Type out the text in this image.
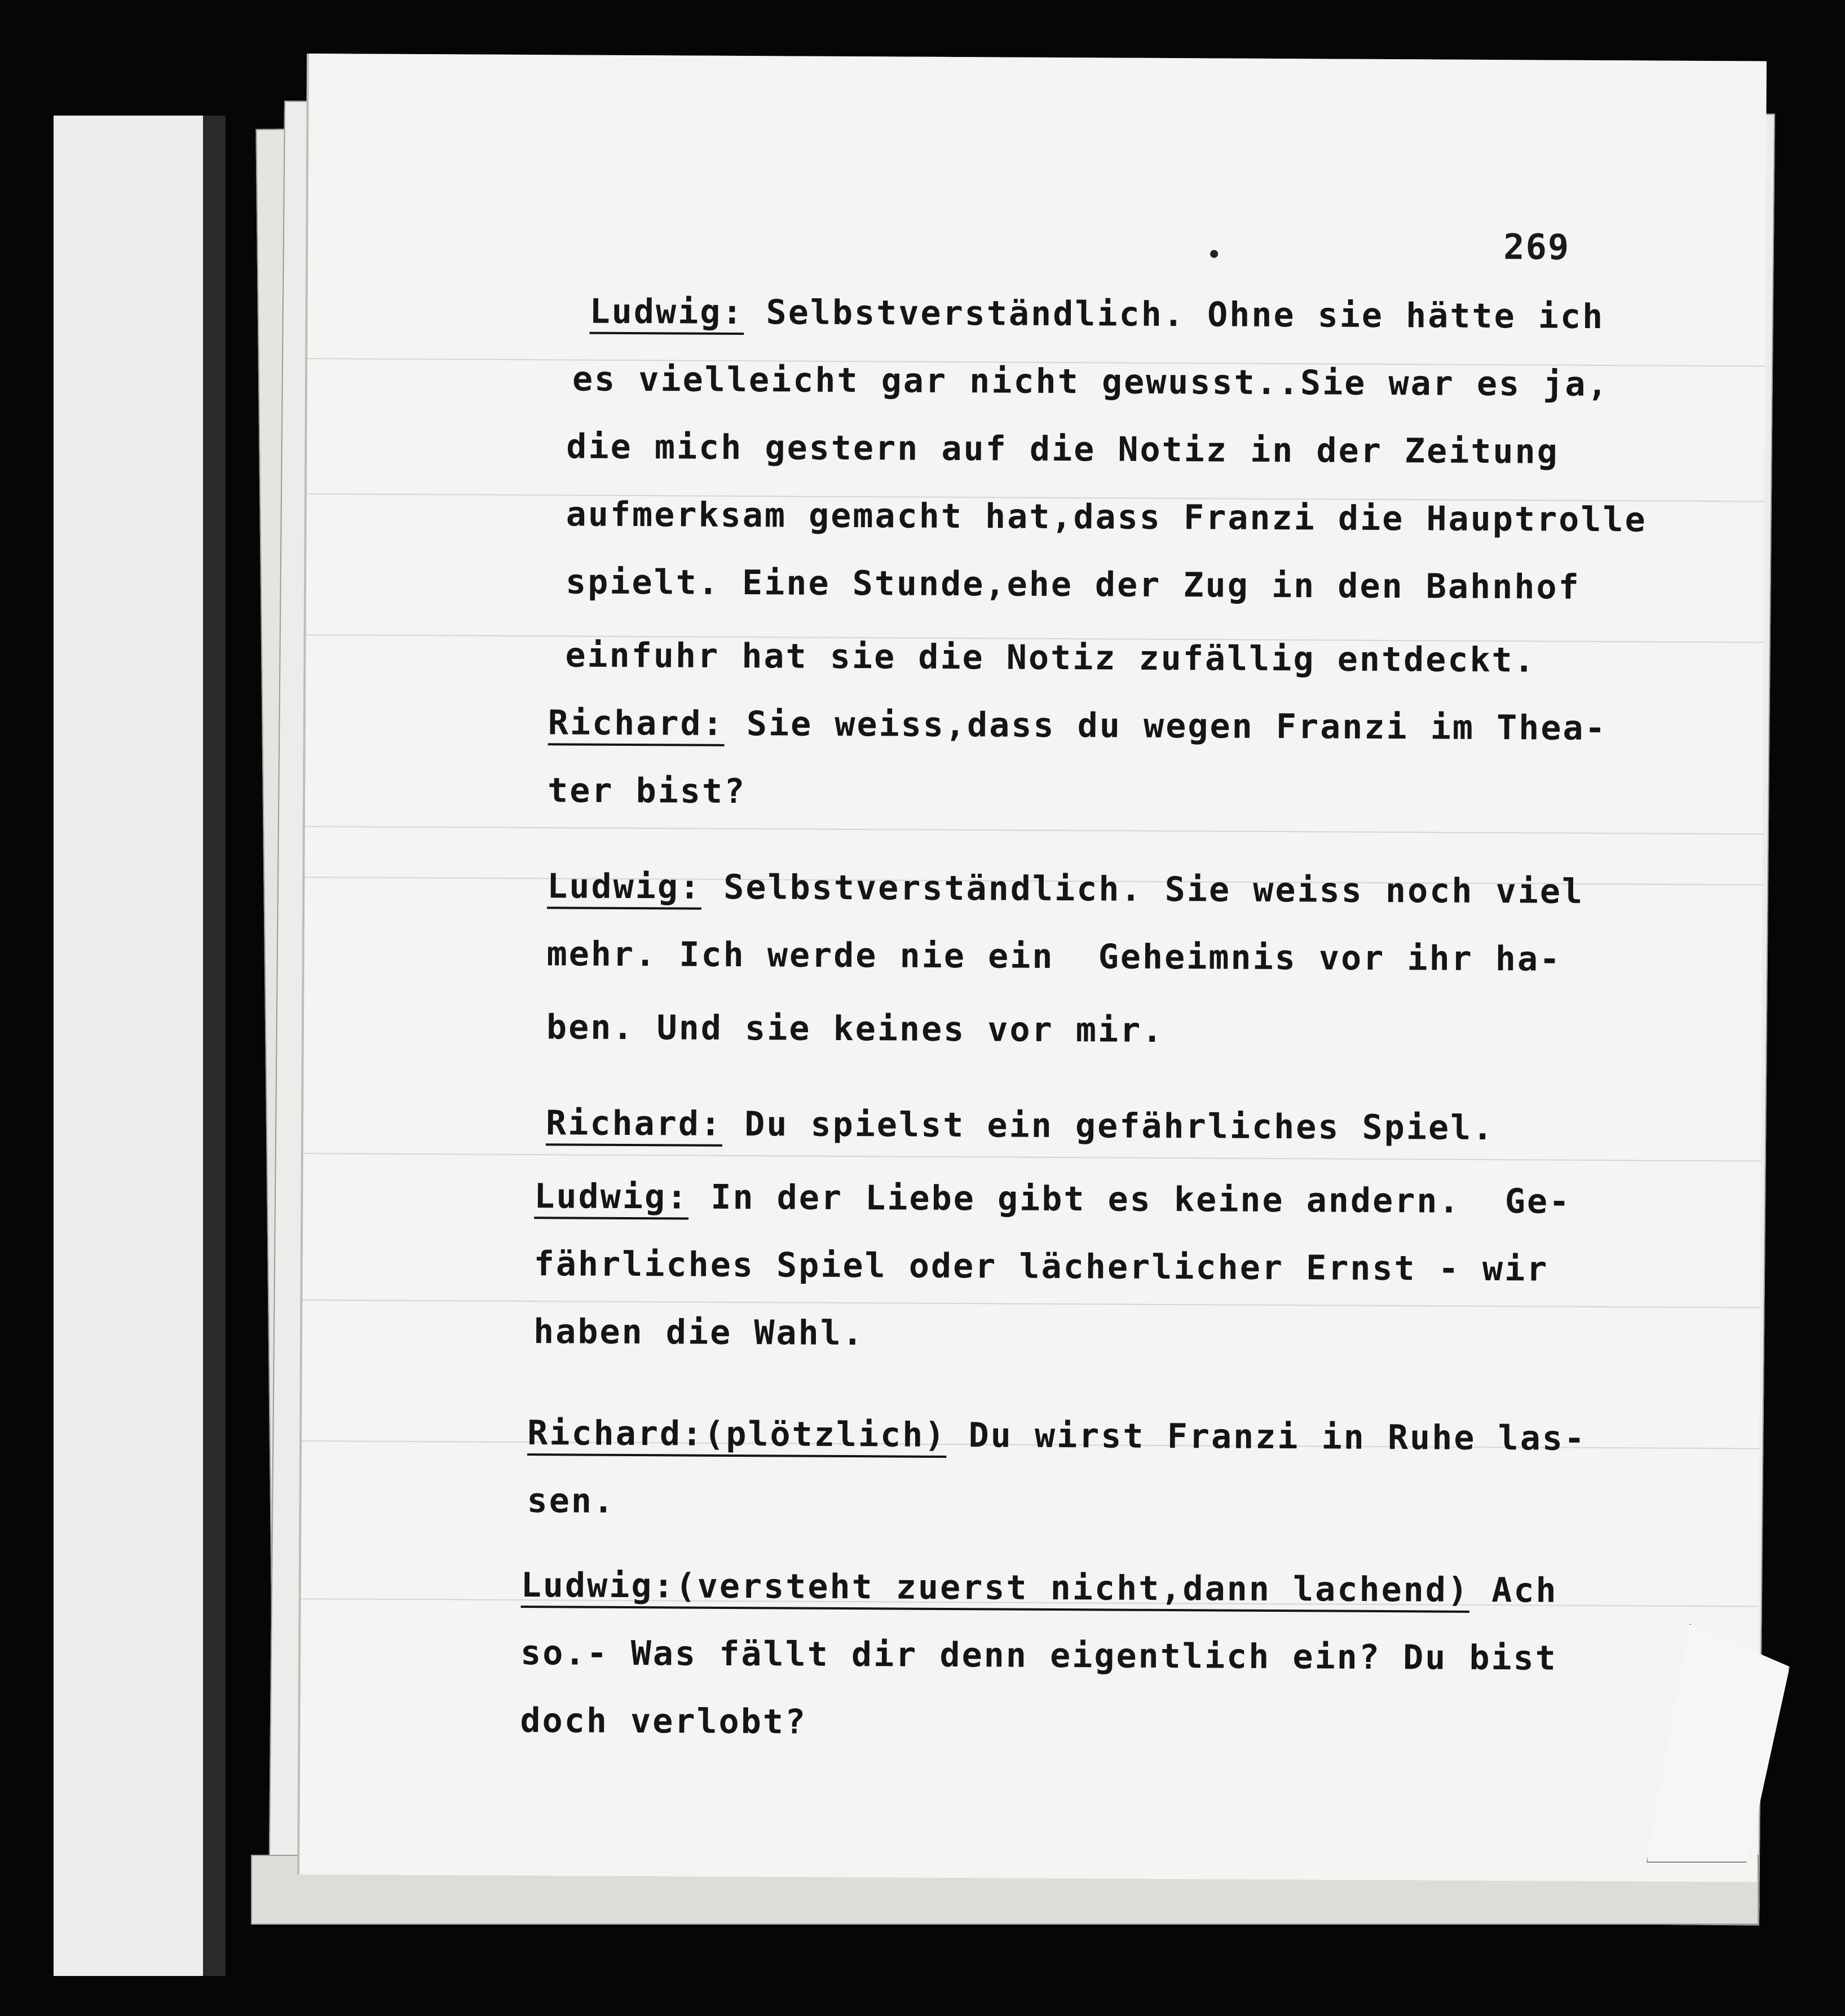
269
Ludwig: Selbstverständlich. Ohne sie hätte ich
es vielleicht gar nicht gewusst..Sie war es ja,
die mich gestern auf die Notiz in der Zeitung
aufmerksam gemacht hat,dass Franzi die Hauptrolle
spielt. Eine Stunde,ehe der Zug in den Bahnhof
einfuhr hat sie die Notiz zufällig entdeckt.
Richard: Sie weiss,dass du wegen Franzi im Thea-
ter bist?
Ludwig: Selbstverständlich. Sie weiss noch viel
mehr. Ich werde nie ein  Geheimnis vor ihr ha-
ben. Und sie keines vor mir.
Richard: Du spielst ein gefährliches Spiel.
Ludwig: In der Liebe gibt es keine andern.  Ge-
fährliches Spiel oder lächerlicher Ernst - wir
haben die Wahl.
Richard:(plötzlich) Du wirst Franzi in Ruhe las-
sen.
Ludwig:(versteht zuerst nicht,dann lachend) Ach
so.- Was fällt dir denn eigentlich ein? Du bist
doch verlobt?
